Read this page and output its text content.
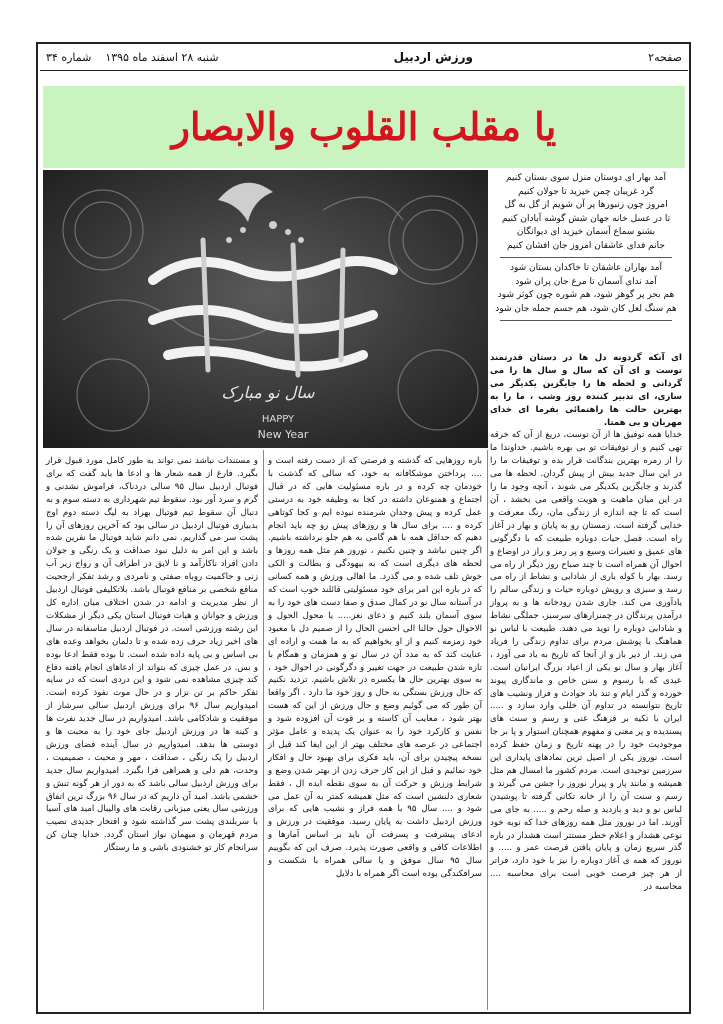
صفحه۲
ورزش اردبیل
شنبه ۲۸ اسفند ماه ۱۳۹۵
شماره ۳۴
یا مقلب القلوب والابصار
سال نو مبارک
HAPPY
New Year
آمد بهار ای دوستان منزل سوی بستان کنیم
گرد غریبان چمن خیزید تا جولان کنیم
امروز چون زنبورها پر آن شویم از گل به گل
تا در عسل خانه جهان شش گوشه آبادان کنیم
بشنو سماع آسمان خیزید ای دیوانگان
جانم فدای عاشقان امروز جان افشان کنیم
آمد بهاران عاشقان تا خاکدان بستان شود
آمد ندای آسمان تا مرغ جان پران شود
هم بحر پر گوهر شود، هم شوره چون کوثر شود
هم سنگ لعل کان شود، هم جسم جمله جان شود
ای آنکه گردونه دل ها در دستان قدرتمند توست و ای آن که سال و سال ها را می گردانی و لحظه ها را جایگزین یکدیگر می سازی، ای تدبیر کننده روز وشب ، ما را به بهترین حالت ها راهنمائی بفرما ای خدای مهربان و بی همتا.
خدایا همه توفیق ها از آن توست، دریغ از آن که خرقه تهی کنیم و از توفیقات تو بی بهره باشیم. خداوندا ما را از زمره بهترین بندگانت قرار بده و توفیقات ما را در این سال جدید بیش از پیش گردان. لحظه ها می گذرند و جایگزین یکدیگر می شوند ، آنچه وجود ما را در این میان ماهیت و هویت واقعی می بخشد ، آن است که تا چه اندازه از زندگی مان، رنگ معرفت و خدایی گرفته است. زمستان رو به پایان و بهار در آغاز راه است. فصل حیات دوباره طبیعت که با دگرگونی های عمیق و تغییرات وسیع و پر رمز و راز در اوضاع و احوال آن همراه است تا چند صباح روز دیگر از راه می رسد. بهار با کوله باری از شادابی و نشاط از راه می رسد و سبزی و رویش دوباره حیات و زندگی سالم را یادآوری می کند. جاری شدن رودخانه ها و به پرواز درآمدن پرندگان در چمنزارهای سرسبز، جملگی نشاط و شادابی دوباره را نوید می دهند. طبیعت با لباس نو هماهنگ با پوشش مردم برای تداوم زندگی را فریاد می زند. از دیر باز و از آنجا که تاریخ به یاد می آورد ، آغاز بهار و سال نو یکی از اعیاد بزرگ ایرانیان است. عیدی که با رسوم و سنن خاص و ماندگاری پیوند خورده و گذر ایام و تند باد حوادث و فراز ونشیب های تاریخ نتوانسته در تداوم آن خللی وارد سازد و ..... ایران با تکیه بر فرهنگ غنی و رسم و سنت های پسندیده و پر معنی و مفهوم همچنان استوار و پا بر جا موجودیت خود را در پهنه تاریخ و زمان حفظ کرده است. نوروز یکی از اصیل ترین نمادهای پایداری این سرزمین توحیدی است. مردم کشور ما امسال هم مثل همیشه و مانند پار و پیرار نوروز را جشن می گیرند و رسم و سنت آن را از خانه تکانی گرفته تا پوشیدن لباس نو و دید و بازدید و صله رحم و ..... به جای می آورند. اما در نوروز مثل همه روزهای خدا که نوبه خود نوعی هشدار و اعلام خطر مستتر است هشدار در باره گذر سریع زمان و پایان یافتن فرصت عمر و ..... و نوروز که همه ی آغاز دوباره را نیز با خود دارد، فراتر از هر چیز فرصت خوبی است برای محاسبه .... محاسبه در
باره روزهایی که گذشته و فرصتی که از دست رفته است و .... پرداختن موشکافانه به خود، که سالی که گذشت با خودمان چه کرده و در باره مسئولیت هایی که در قبال اجتماع و همنوعان داشته در کجا به وظیفه خود به درستی عمل کرده و پیش وجدان شرمنده نبوده ایم و کجا کوتاهی کرده و .... برای سال ها و روزهای پیش رو چه باید انجام دهیم که حداقل همه با هم گامی به هم جلو برداشته باشیم. اگر چنین نباشد و چنین نکنیم ، نوروز هم مثل همه روزها و لحظه های دیگری است که به بیهودگی و بطالت و الکی خوش تلف شده و می گذرد. ما اهالی ورزش و همه کسانی که در باره این امر برای خود مسئولیتی قائلند خوب است که در آستانه سال نو در کمال صدق و صفا دست های خود را به سوی آسمان بلند کنیم و دعای نغز..... یا محول الحول و الاحوال حول حالنا الی احسن الحال را از صمیم دل با معبود خود زمزمه کنیم و از او بخواهیم که به ما همت و اراده ای عنایت کند که به مدد آن در سال نو و همزمان و همگام با تازه شدن طبیعت در جهت تغییر و دگرگونی در احوال خود ، به سوی بهترین حال ها یکسره در تلاش باشیم. تردید نکنیم که حال ورزش بستگی به حال و روز خود ما دارد . اگر واقعا آن طور که می گوئیم وضع و حال ورزش از این که هست بهتر شود ، معایب آن کاسته و بر قوت آن افزوده شود و نفس و کارکرد خود را به عنوان یک پدیده و عامل مؤثر اجتماعی در عرصه های مختلف بهتر از این ایفا کند قبل از نسخه پیچیدن برای آن، باید فکری برای بهبود حال و افکار خود نمائیم و قبل از این کار حرف زدن از بهتر شدن وضع و شرایط ورزش و حرکت آن به سوی نقطه ایده ال ، فقط شعاری دلنشین است که مثل همیشه کمتر به آن عمل می شود و .... سال ۹۵ با همه فراز و نشیب هایی که برای ورزش اردبیل داشت به پایان رسید. موفقیت در ورزش و ادعای پیشرفت و پسرفت آن باید بر اساس آمارها و اطلاعات کافی و واقعی صورت پذیرد. صرف این که بگوییم سال ۹۵ سال موفق و یا سالی همراه با شکست و سرافکندگی بوده است اگر همراه با دلایل
و مستندات نباشد نمی تواند به طور کامل مورد قبول قرار بگیرد. فارغ از همه شعار ها و ادعا ها باید گفت که برای فوتبال اردبیل سال ۹۵ سالی دردناک، فراموش نشدنی و گرم و سرد آور بود. سقوط تیم شهرداری به دسته سوم و به دنبال آن سقوط تیم فوتبال بهراد به لیگ دسته دوم اوج بدبیاری فوتبال اردبیل در سالی بود که آخرین روزهای آن را پشت سر می گذاریم. نمی دانم شاید فوتبال ما نفرین شده باشد و این امر به دلیل نبود صداقت و یک رنگی و جولان دادن افراد ناکارآمد و نا لایق در اطراف آن و رواج زیر آب زنی و حاکمیت روباه صفتی و نامردی و رشد تفکر ارجحیت منافع شخصی بر منافع فوتبال باشد. بلاتکلیفی فوتبال اردبیل از نظر مدیریت و ادامه در شدن اختلاف میان اداره کل ورزش و جوانان و هیات فوتبال استان یکی دیگر از مشکلات این رشته ورزشی است. در فوتبال اردبیل متاسفانه در سال های اخیر زیاد حرف زده شده و تا دلمان بخواهد وعده های بی اساس و بی پایه داده شده است. تا بوده فقط ادعا بوده و بس. در عمل چیزی که بتواند از ادعاهای انجام یافته دفاع کند چیزی مشاهده نمی شود و این دردی است که در سایه تفکر حاکم بر تن نزار و در حال موت نفوذ کرده است. امیدواریم سال ۹۶ برای ورزش اردبیل سالی سرشار از موفقیت و شادکامی باشد. امیدواریم در سال جدید نفرت ها و کینه ها در ورزش اردبیل جای خود را به محبت ها و دوستی ها بدهد. امیدواریم در سال آینده فضای ورزش اردبیل را یک رنگی ، صداقت ، مهر و محبت ، صمیمیت ، وحدت، هم دلی و همراهی فرا بگیرد. امیدواریم سال جدید برای ورزش اردبیل سالی باشد که به دور از هر گونه تنش و خشمی باشد. امید آن داریم که در سال ۹۶ بزرگ ترین اتفاق ورزشی سال یعنی میزبانی رقابت های والیبال امید های آسیا با سربلندی پشت سر گذاشته شود و افتخار جدیدی نصیب مردم قهرمان و میهمان نواز استان گردد. خدایا چنان کن سرانجام کار تو خشنودی باشی و ما رستگار
